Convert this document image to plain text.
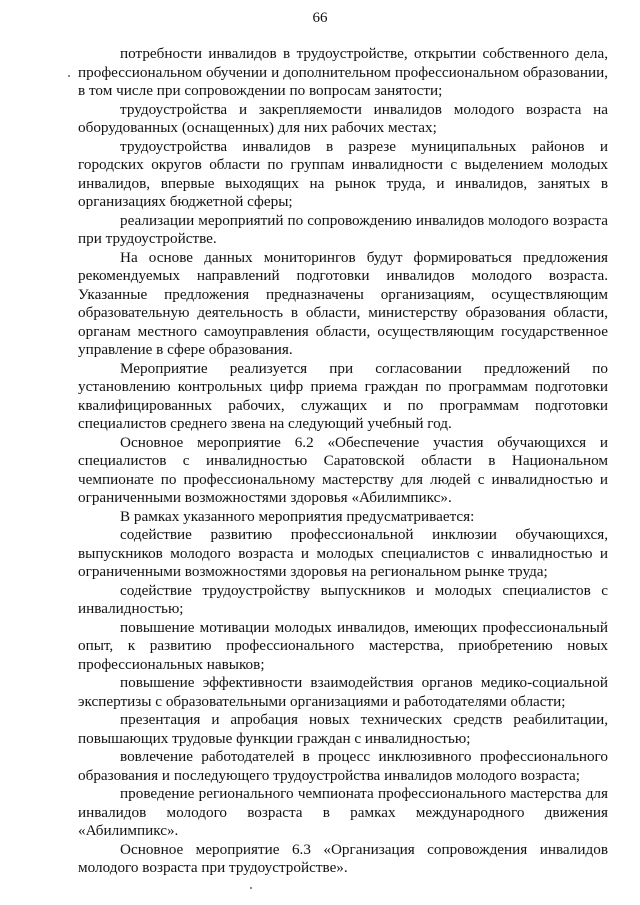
66

потребности инвалидов в трудоустройстве, открытии собственного дела, профессиональном обучении и дополнительном профессиональном образовании, в том числе при сопровождении по вопросам занятости;

трудоустройства и закрепляемости инвалидов молодого возраста на оборудованных (оснащенных) для них рабочих местах;

трудоустройства инвалидов в разрезе муниципальных районов и городских округов области по группам инвалидности с выделением молодых инвалидов, впервые выходящих на рынок труда, и инвалидов, занятых в организациях бюджетной сферы;

реализации мероприятий по сопровождению инвалидов молодого возраста при трудоустройстве.

На основе данных мониторингов будут формироваться предложения рекомендуемых направлений подготовки инвалидов молодого возраста. Указанные предложения предназначены организациям, осуществляющим образовательную деятельность в области, министерству образования области, органам местного самоуправления области, осуществляющим государственное управление в сфере образования.

Мероприятие реализуется при согласовании предложений по установлению контрольных цифр приема граждан по программам подготовки квалифицированных рабочих, служащих и по программам подготовки специалистов среднего звена на следующий учебный год.

Основное мероприятие 6.2 «Обеспечение участия обучающихся и специалистов с инвалидностью Саратовской области в Национальном чемпионате по профессиональному мастерству для людей с инвалидностью и ограниченными возможностями здоровья «Абилимпикс».

В рамках указанного мероприятия предусматривается:

содействие развитию профессиональной инклюзии обучающихся, выпускников молодого возраста и молодых специалистов с инвалидностью и ограниченными возможностями здоровья на региональном рынке труда;

содействие трудоустройству выпускников и молодых специалистов с инвалидностью;

повышение мотивации молодых инвалидов, имеющих профессиональный опыт, к развитию профессионального мастерства, приобретению новых профессиональных навыков;

повышение эффективности взаимодействия органов медико-социальной экспертизы с образовательными организациями и работодателями области;

презентация и апробация новых технических средств реабилитации, повышающих трудовые функции граждан с инвалидностью;

вовлечение работодателей в процесс инклюзивного профессионального образования и последующего трудоустройства инвалидов молодого возраста;

проведение регионального чемпионата профессионального мастерства для инвалидов молодого возраста в рамках международного движения «Абилимпикс».

Основное мероприятие 6.3 «Организация сопровождения инвалидов молодого возраста при трудоустройстве».
